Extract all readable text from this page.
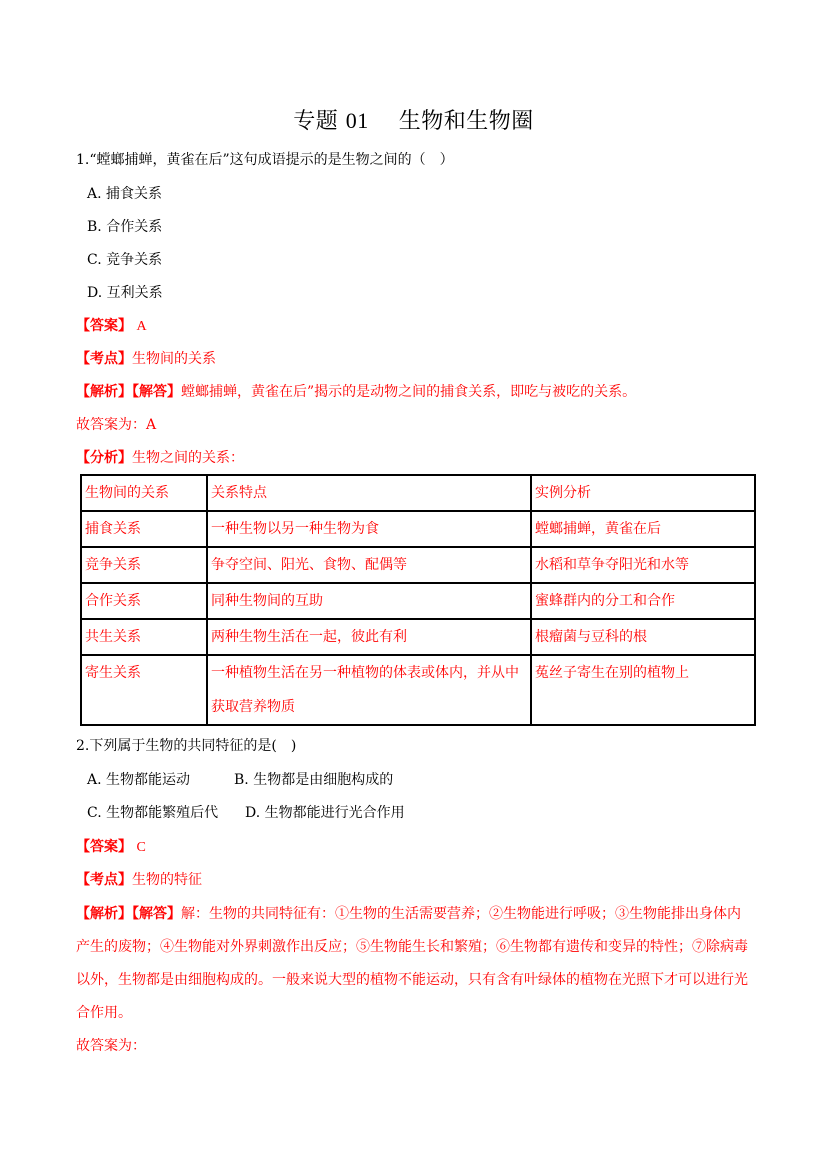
专题 01 生物和生物圈
1.“螳螂捕蝉，黄雀在后”这句成语提示的是生物之间的（　）
A. 捕食关系
B. 合作关系
C. 竞争关系
D. 互利关系
【答案】 A
【考点】生物间的关系
【解析】【解答】螳螂捕蝉，黄雀在后”揭示的是动物之间的捕食关系，即吃与被吃的关系。
故答案为：A
【分析】生物之间的关系：
生物间的关系	关系特点	实例分析
捕食关系	一种生物以另一种生物为食	螳螂捕蝉，黄雀在后
竞争关系	争夺空间、阳光、食物、配偶等	水稻和草争夺阳光和水等
合作关系	同种生物间的互助	蜜蜂群内的分工和合作
共生关系	两种生物生活在一起，彼此有利	根瘤菌与豆科的根
寄生关系	一种植物生活在另一种植物的体表或体内，并从中获取营养物质	菟丝子寄生在别的植物上
2.下列属于生物的共同特征的是(　)
A. 生物都能运动	B. 生物都是由细胞构成的
C. 生物都能繁殖后代 D. 生物都能进行光合作用
【答案】 C
【考点】生物的特征
【解析】【解答】解：生物的共同特征有：①生物的生活需要营养；②生物能进行呼吸；③生物能排出身体内产生的废物；④生物能对外界刺激作出反应；⑤生物能生长和繁殖；⑥生物都有遗传和变异的特性；⑦除病毒以外，生物都是由细胞构成的。一般来说大型的植物不能运动，只有含有叶绿体的植物在光照下才可以进行光合作用。
故答案为：
